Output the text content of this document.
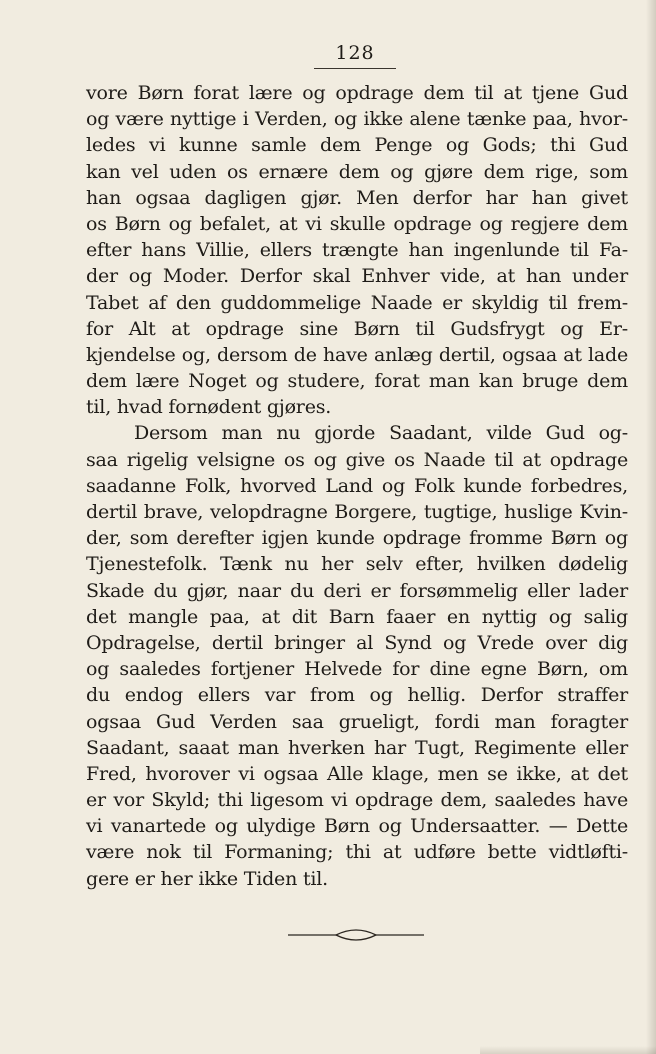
128
vore Børn forat lære og opdrage dem til at tjene Gud
og være nyttige i Verden, og ikke alene tænke paa, hvor-
ledes vi kunne samle dem Penge og Gods; thi Gud
kan vel uden os ernære dem og gjøre dem rige, som
han ogsaa dagligen gjør. Men derfor har han givet
os Børn og befalet, at vi skulle opdrage og regjere dem
efter hans Villie, ellers trængte han ingenlunde til Fa-
der og Moder. Derfor skal Enhver vide, at han under
Tabet af den guddommelige Naade er skyldig til frem-
for Alt at opdrage sine Børn til Gudsfrygt og Er-
kjendelse og, dersom de have anlæg dertil, ogsaa at lade
dem lære Noget og studere, forat man kan bruge dem
til, hvad fornødent gjøres.
Dersom man nu gjorde Saadant, vilde Gud og-
saa rigelig velsigne os og give os Naade til at opdrage
saadanne Folk, hvorved Land og Folk kunde forbedres,
dertil brave, velopdragne Borgere, tugtige, huslige Kvin-
der, som derefter igjen kunde opdrage fromme Børn og
Tjenestefolk. Tænk nu her selv efter, hvilken dødelig
Skade du gjør, naar du deri er forsømmelig eller lader
det mangle paa, at dit Barn faaer en nyttig og salig
Opdragelse, dertil bringer al Synd og Vrede over dig
og saaledes fortjener Helvede for dine egne Børn, om
du endog ellers var from og hellig. Derfor straffer
ogsaa Gud Verden saa grueligt, fordi man foragter
Saadant, saaat man hverken har Tugt, Regimente eller
Fred, hvorover vi ogsaa Alle klage, men se ikke, at det
er vor Skyld; thi ligesom vi opdrage dem, saaledes have
vi vanartede og ulydige Børn og Undersaatter. — Dette
være nok til Formaning; thi at udføre bette vidtløfti-
gere er her ikke Tiden til.
